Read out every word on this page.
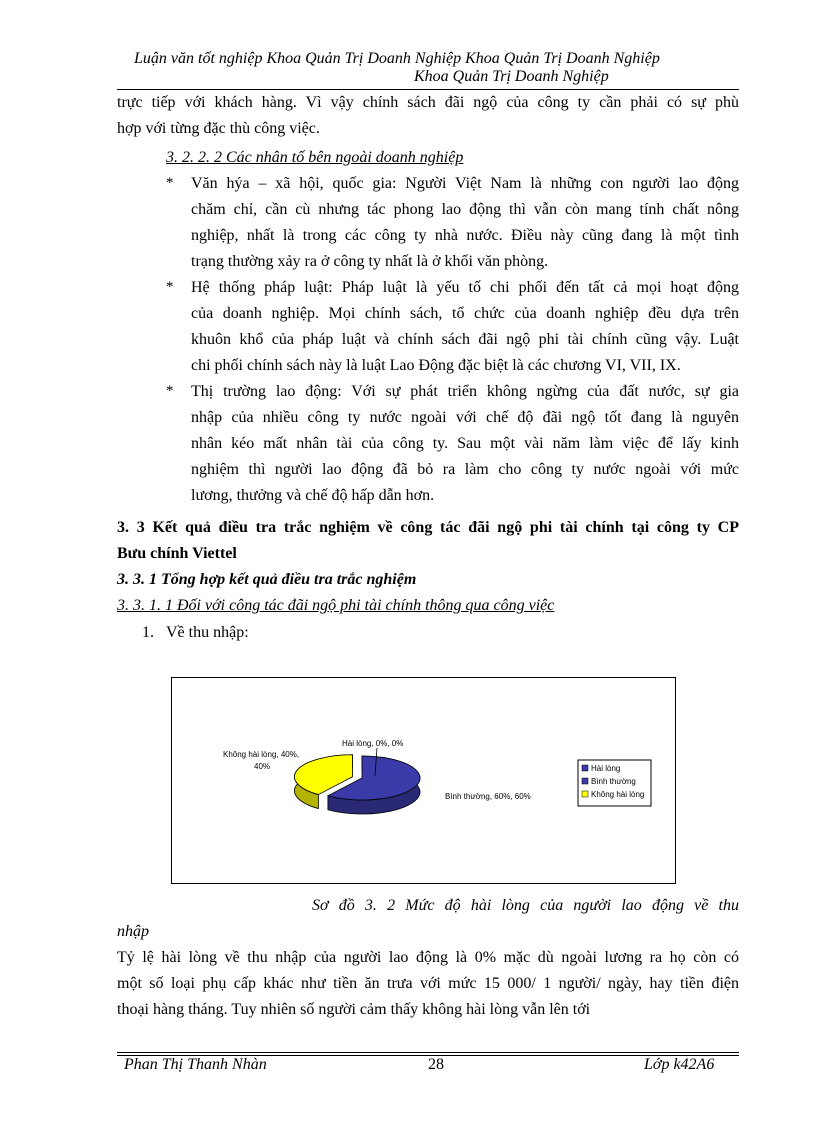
Luận văn tốt nghiệp Khoa Quản Trị Doanh Nghiệp Khoa Quản Trị Doanh Nghiệp
Khoa Quản Trị Doanh Nghiệp
trực tiếp với khách hàng. Vì vậy chính sách đãi ngộ của công ty cần phải có sự phù
hợp với từng đặc thù công việc.
3. 2. 2. 2 Các nhân tố bên ngoài doanh nghiệp
* Văn hýa – xã hội, quốc gia: Người Việt Nam là những con người lao động
chăm chỉ, cần cù nhưng tác phong lao động thì vẫn còn mang tính chất nông
nghiệp, nhất là trong các công ty nhà nước. Điều này cũng đang là một tình
trạng thường xảy ra ở công ty nhất là ở khối văn phòng.
* Hệ thống pháp luật: Pháp luật là yếu tố chi phối đến tất cả mọi hoạt động
của doanh nghiệp. Mọi chính sách, tổ chức của doanh nghiệp đều dựa trên
khuôn khổ của pháp luật và chính sách đãi ngộ phi tài chính cũng vậy. Luật
chi phối chính sách này là luật Lao Động đặc biệt là các chương VI, VII, IX.
* Thị trường lao động: Với sự phát triển không ngừng của đất nước, sự gia
nhập của nhiều công ty nước ngoài với chế độ đãi ngộ tốt đang là nguyên
nhân kéo mất nhân tài của công ty. Sau một vài năm làm việc để lấy kinh
nghiệm thì người lao động đã bỏ ra làm cho công ty nước ngoài với mức
lương, thưởng và chế độ hấp dẫn hơn.
3. 3 Kết quả điều tra trắc nghiệm về công tác đãi ngộ phi tài chính tại công ty CP
Bưu chính Viettel
3. 3. 1 Tổng hợp kết quả điều tra trắc nghiệm
3. 3. 1. 1 Đối với công tác đãi ngộ phi tài chính thông qua công việc
1. Về thu nhập:
Hài lòng, 0%, 0%
Không hài lòng, 40%,
40%
Bình thường, 60%, 60%
Hài lòng
Bình thường
Không hài lòng
Sơ đồ 3. 2 Mức độ hài lòng của người lao động về thu
nhập
Tỷ lệ hài lòng về thu nhập của người lao động là 0% mặc dù ngoài lương ra họ còn có
một số loại phụ cấp khác như tiền ăn trưa với mức 15 000/ 1 người/ ngày, hay tiền điện
thoại hàng tháng. Tuy nhiên số người cảm thấy không hài lòng vẫn lên tới
Phan Thị Thanh Nhàn	28	Lớp k42A6
